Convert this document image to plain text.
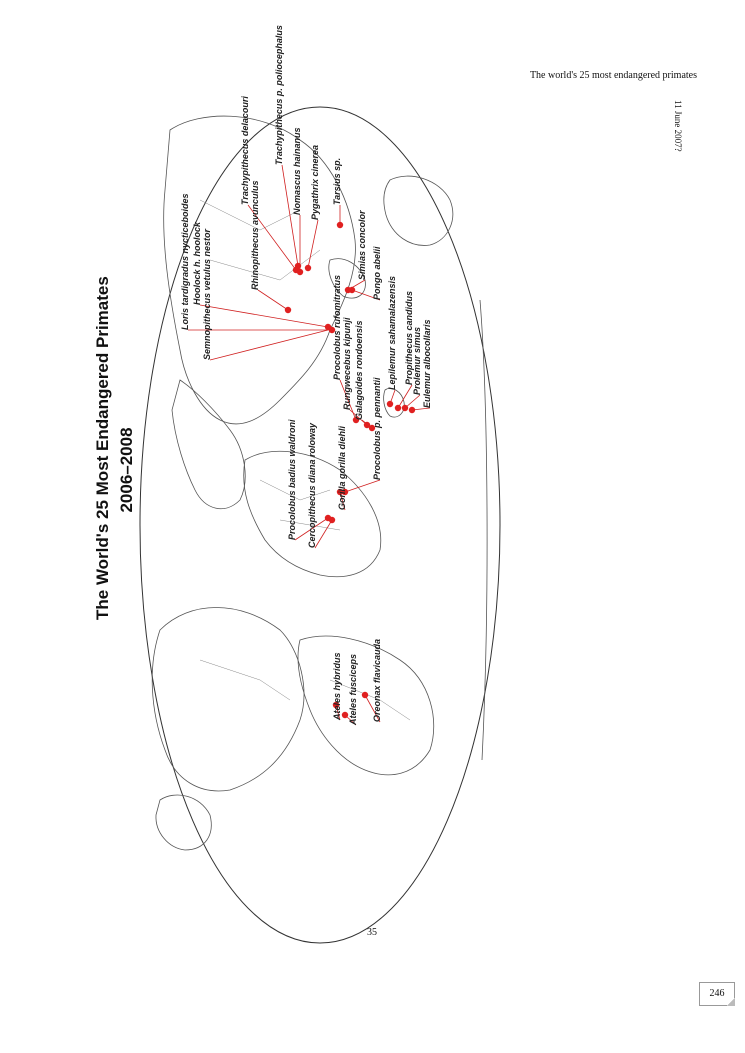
The world's 25 most endangered primates
11 June 2007?
The World's 25 Most Endangered Primates 2006–2008
Trachypithecus delacouri	Trachypithecus p. poliocephalus
Nomascus hainanus Pygathrix cinerea Tarsius sp.
Rhinopithecus avunculus
Hoolock h. hoolock
Loris tardigradus nycticeboides Semnopithecus vetulus nestor	Simias concolor Pongo abelii
Procolobus rufomitratus Rungwecebus kipunji Galagoides rondoensis	Lepilemur sahamalazensis Propithecus candidus
Prolemur simus Eulemur albocollaris
Procolobus badius waldroni Cercopithecus diana roloway Gorilla gorilla diehli	Procolobus p. pennantii
Ateles hybridus Ateles fusciceps Oreonax flavicauda
35
246
